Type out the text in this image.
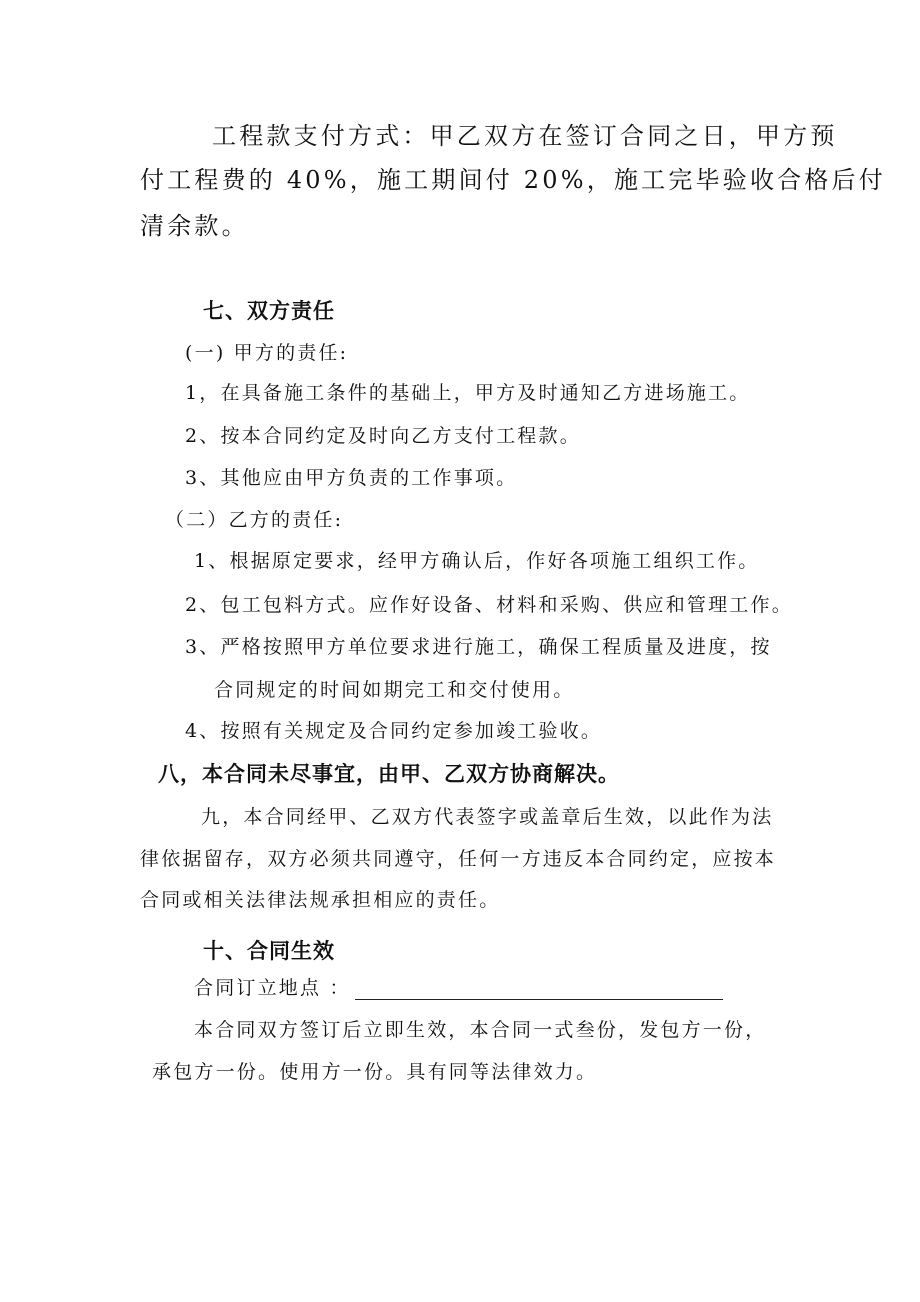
工程款支付方式：甲乙双方在签订合同之日，甲方预
付工程费的 40%，施工期间付 20%，施工完毕验收合格后付
清余款。
七、双方责任
(一) 甲方的责任:
1，在具备施工条件的基础上，甲方及时通知乙方进场施工。
2、按本合同约定及时向乙方支付工程款。
3、其他应由甲方负责的工作事项。
（二）乙方的责任:
1、根据原定要求，经甲方确认后，作好各项施工组织工作。
2、包工包料方式。应作好设备、材料和采购、供应和管理工作。
3、严格按照甲方单位要求进行施工，确保工程质量及进度，按
合同规定的时间如期完工和交付使用。
4、按照有关规定及合同约定参加竣工验收。
八，本合同未尽事宜，由甲、乙双方协商解决。
九，本合同经甲、乙双方代表签字或盖章后生效，以此作为法
律依据留存，双方必须共同遵守，任何一方违反本合同约定，应按本
合同或相关法律法规承担相应的责任。
十、合同生效
合同订立地点 ：
本合同双方签订后立即生效，本合同一式叁份，发包方一份，
承包方一份。使用方一份。具有同等法律效力。
